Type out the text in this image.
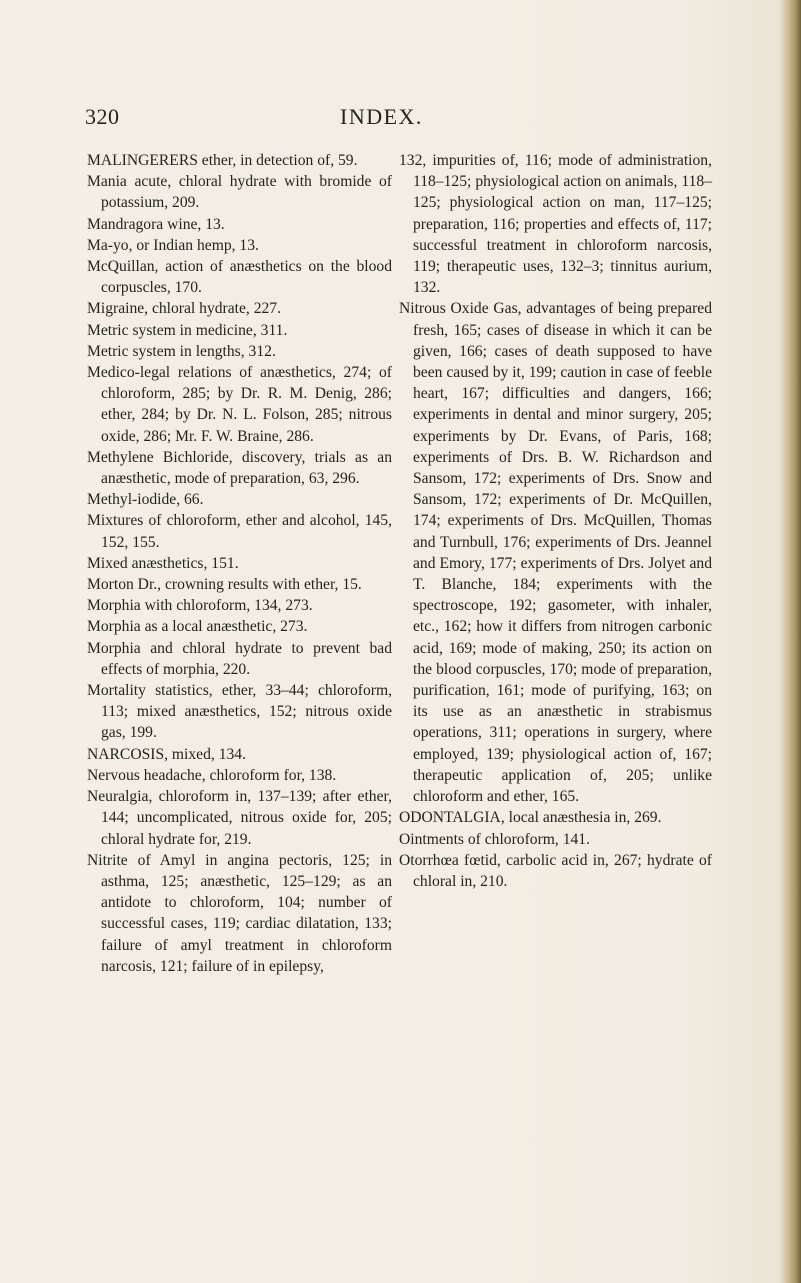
320	INDEX.

MALINGERERS ether, in detection of, 59.

Mania acute, chloral hydrate with bromide of potassium, 209.

Mandragora wine, 13.

Ma-yo, or Indian hemp, 13.

McQuillan, action of anæsthetics on the blood corpuscles, 170.

Migraine, chloral hydrate, 227.

Metric system in medicine, 311.

Metric system in lengths, 312.

Medico-legal relations of anæsthetics, 274; of chloroform, 285; by Dr. R. M. Denig, 286; ether, 284; by Dr. N. L. Folson, 285; nitrous oxide, 286; Mr. F. W. Braine, 286.

Methylene Bichloride, discovery, trials as an anæsthetic, mode of preparation, 63, 296.

Methyl-iodide, 66.

Mixtures of chloroform, ether and alcohol, 145, 152, 155.

Mixed anæsthetics, 151.

Morton Dr., crowning results with ether, 15.

Morphia with chloroform, 134, 273.

Morphia as a local anæsthetic, 273.

Morphia and chloral hydrate to prevent bad effects of morphia, 220.

Mortality statistics, ether, 33–44; chloroform, 113; mixed anæsthetics, 152; nitrous oxide gas, 199.

NARCOSIS, mixed, 134.

Nervous headache, chloroform for, 138.

Neuralgia, chloroform in, 137–139; after ether, 144; uncomplicated, nitrous oxide for, 205; chloral hydrate for, 219.

Nitrite of Amyl in angina pectoris, 125; in asthma, 125; anæsthetic, 125–129; as an antidote to chloroform, 104; number of successful cases, 119; cardiac dilatation, 133; failure of amyl treatment in chloroform narcosis, 121; failure of in epilepsy,

132, impurities of, 116; mode of administration, 118–125; physiological action on animals, 118–125; physiological action on man, 117–125; preparation, 116; properties and effects of, 117; successful treatment in chloroform narcosis, 119; therapeutic uses, 132–3; tinnitus aurium, 132.

Nitrous Oxide Gas, advantages of being prepared fresh, 165; cases of disease in which it can be given, 166; cases of death supposed to have been caused by it, 199; caution in case of feeble heart, 167; difficulties and dangers, 166; experiments in dental and minor surgery, 205; experiments by Dr. Evans, of Paris, 168; experiments of Drs. B. W. Richardson and Sansom, 172; experiments of Drs. Snow and Sansom, 172; experiments of Dr. McQuillen, 174; experiments of Drs. McQuillen, Thomas and Turnbull, 176; experiments of Drs. Jeannel and Emory, 177; experiments of Drs. Jolyet and T. Blanche, 184; experiments with the spectroscope, 192; gasometer, with inhaler, etc., 162; how it differs from nitrogen carbonic acid, 169; mode of making, 250; its action on the blood corpuscles, 170; mode of preparation, purification, 161; mode of purifying, 163; on its use as an anæsthetic in strabismus operations, 311; operations in surgery, where employed, 139; physiological action of, 167; therapeutic application of, 205; unlike chloroform and ether, 165.

ODONTALGIA, local anæsthesia in, 269.

Ointments of chloroform, 141.

Otorrhœa fœtid, carbolic acid in, 267; hydrate of chloral in, 210.
